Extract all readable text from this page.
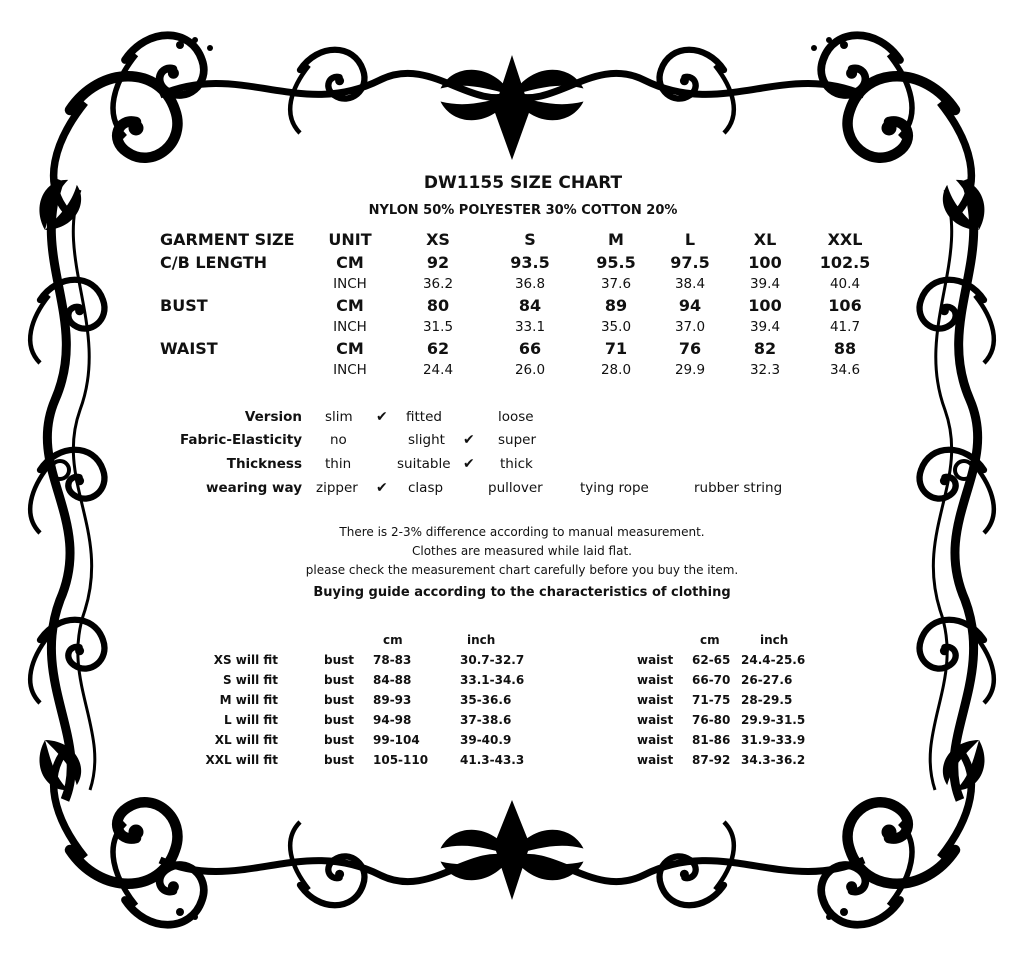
DW1155 SIZE CHART
NYLON 50% POLYESTER 30% COTTON 20%
GARMENT SIZE	UNIT	XS	S	M	L	XL	XXL
C/B LENGTH	CM	92	93.5	95.5	97.5	100	102.5
INCH	36.2	36.8	37.6	38.4	39.4	40.4
BUST	CM	80	84	89	94	100	106
INCH	31.5	33.1	35.0	37.0	39.4	41.7
WAIST	CM	62	66	71	76	82	88
INCH	24.4	26.0	28.0	29.9	32.3	34.6
Version slim ✔ fitted	loose
Fabric-Elasticity no	slight ✔ super
Thickness thin	suitable ✔ thick
wearing way zipper ✔ clasp	pullover	tying rope	rubber string
There is 2-3% difference according to manual measurement.
Clothes are measured while laid flat.
please check the measurement chart carefully before you buy the item.
Buying guide according to the characteristics of clothing
cm	inch	cm	inch
XS will fit	bust 78-83	30.7-32.7	waist 62-65 24.4-25.6
S will fit	bust 84-88	33.1-34.6	waist 66-70 26-27.6
M will fit	bust 89-93	35-36.6	waist 71-75 28-29.5
L will fit	bust 94-98	37-38.6	waist 76-80 29.9-31.5
XL will fit	bust 99-104	39-40.9	waist 81-86 31.9-33.9
XXL will fit	bust 105-110	41.3-43.3	waist 87-92 34.3-36.2
